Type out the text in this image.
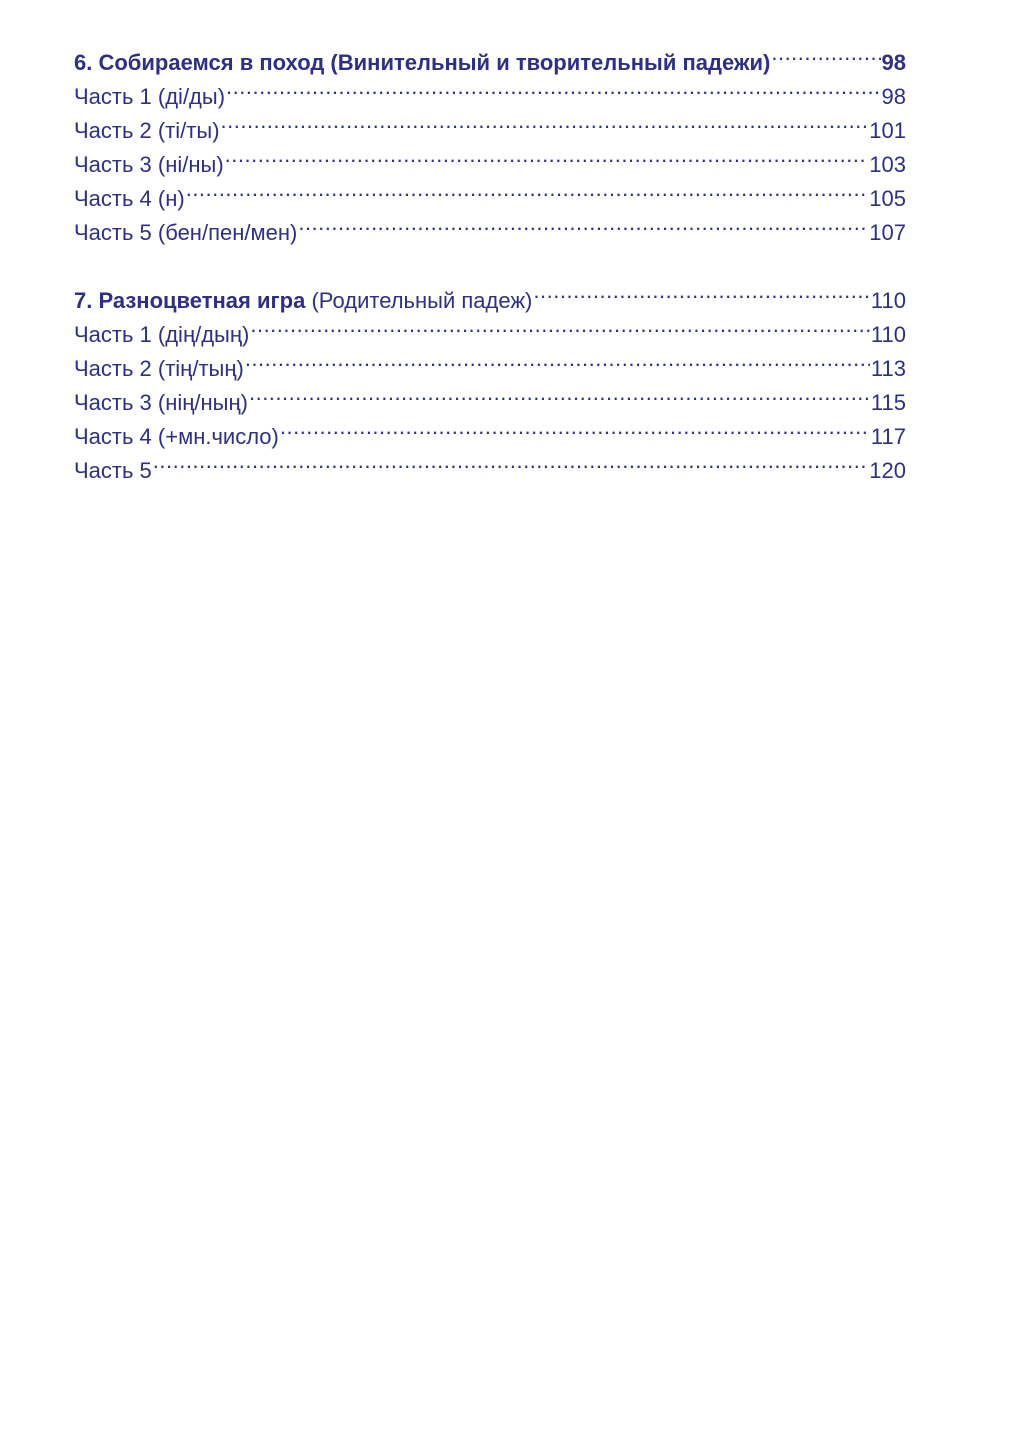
6. Собираемся в поход (Винительный и творительный падежи) .....	98
Часть 1 (ді/ды) .....	98
Часть 2 (ті/ты) .....	101
Часть 3 (ні/ны) .....	103
Часть 4 (н) .....	105
Часть 5 (бен/пен/мен) .....	107
7. Разноцветная игра (Родительный падеж) .....	110
Часть 1 (дің/дың) .....	110
Часть 2 (тің/тың) .....	113
Часть 3 (нің/ның) .....	115
Часть 4 (+мн.число) .....	117
Часть 5 .....	120
